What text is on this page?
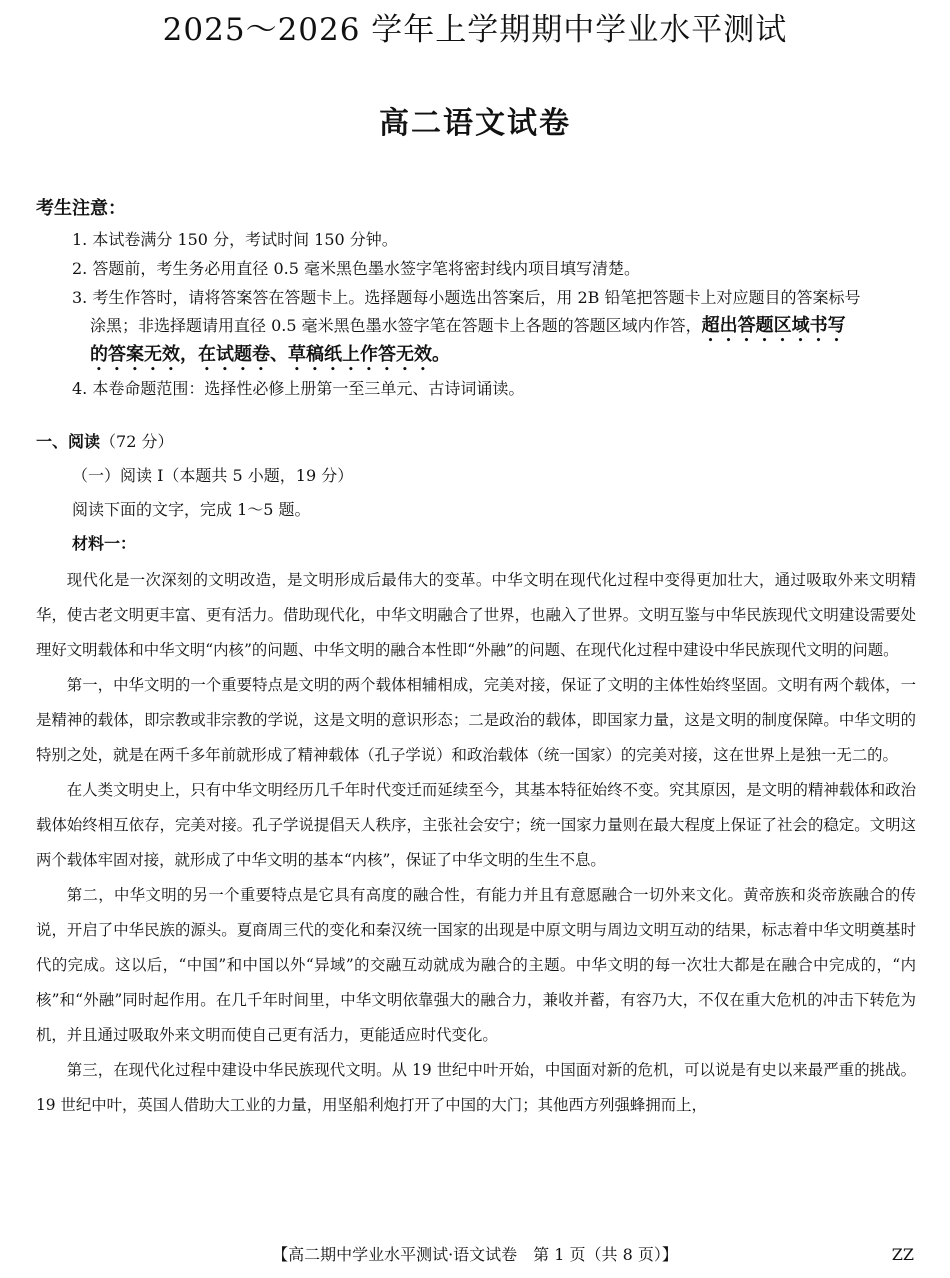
2025～2026 学年上学期期中学业水平测试
高二语文试卷
考生注意：
1. 本试卷满分 150 分，考试时间 150 分钟。
2. 答题前，考生务必用直径 0.5 毫米黑色墨水签字笔将密封线内项目填写清楚。
3. 考生作答时，请将答案答在答题卡上。选择题每小题选出答案后，用 2B 铅笔把答题卡上对应题目的答案标号
涂黑；非选择题请用直径 0.5 毫米黑色墨水签字笔在答题卡上各题的答题区域内作答，超出答题区域书写
的答案无效，在试题卷、草稿纸上作答无效。
4. 本卷命题范围：选择性必修上册第一至三单元、古诗词诵读。
一、阅读（72 分）
（一）阅读 Ⅰ（本题共 5 小题，19 分）
阅读下面的文字，完成 1～5 题。
材料一：

现代化是一次深刻的文明改造，是文明形成后最伟大的变革。中华文明在现代化过程中变得更加壮大，通过吸取外来文明精华，使古老文明更丰富、更有活力。借助现代化，中华文明融合了世界，也融入了世界。文明互鉴与中华民族现代文明建设需要处理好文明载体和中华文明“内核”的问题、中华文明的融合本性即“外融”的问题、在现代化过程中建设中华民族现代文明的问题。

第一，中华文明的一个重要特点是文明的两个载体相辅相成，完美对接，保证了文明的主体性始终坚固。文明有两个载体，一是精神的载体，即宗教或非宗教的学说，这是文明的意识形态；二是政治的载体，即国家力量，这是文明的制度保障。中华文明的特别之处，就是在两千多年前就形成了精神载体（孔子学说）和政治载体（统一国家）的完美对接，这在世界上是独一无二的。

在人类文明史上，只有中华文明经历几千年时代变迁而延续至今，其基本特征始终不变。究其原因，是文明的精神载体和政治载体始终相互依存，完美对接。孔子学说提倡天人秩序，主张社会安宁；统一国家力量则在最大程度上保证了社会的稳定。文明这两个载体牢固对接，就形成了中华文明的基本“内核”，保证了中华文明的生生不息。

第二，中华文明的另一个重要特点是它具有高度的融合性，有能力并且有意愿融合一切外来文化。黄帝族和炎帝族融合的传说，开启了中华民族的源头。夏商周三代的变化和秦汉统一国家的出现是中原文明与周边文明互动的结果，标志着中华文明奠基时代的完成。这以后，“中国”和中国以外“异域”的交融互动就成为融合的主题。中华文明的每一次壮大都是在融合中完成的，“内核”和“外融”同时起作用。在几千年时间里，中华文明依靠强大的融合力，兼收并蓄，有容乃大，不仅在重大危机的冲击下转危为机，并且通过吸取外来文明而使自己更有活力，更能适应时代变化。

第三，在现代化过程中建设中华民族现代文明。从 19 世纪中叶开始，中国面对新的危机，可以说是有史以来最严重的挑战。19 世纪中叶，英国人借助大工业的力量，用坚船利炮打开了中国的大门；其他西方列强蜂拥而上，

【高二期中学业水平测试·语文试卷　第 1 页（共 8 页）】	ZZ
